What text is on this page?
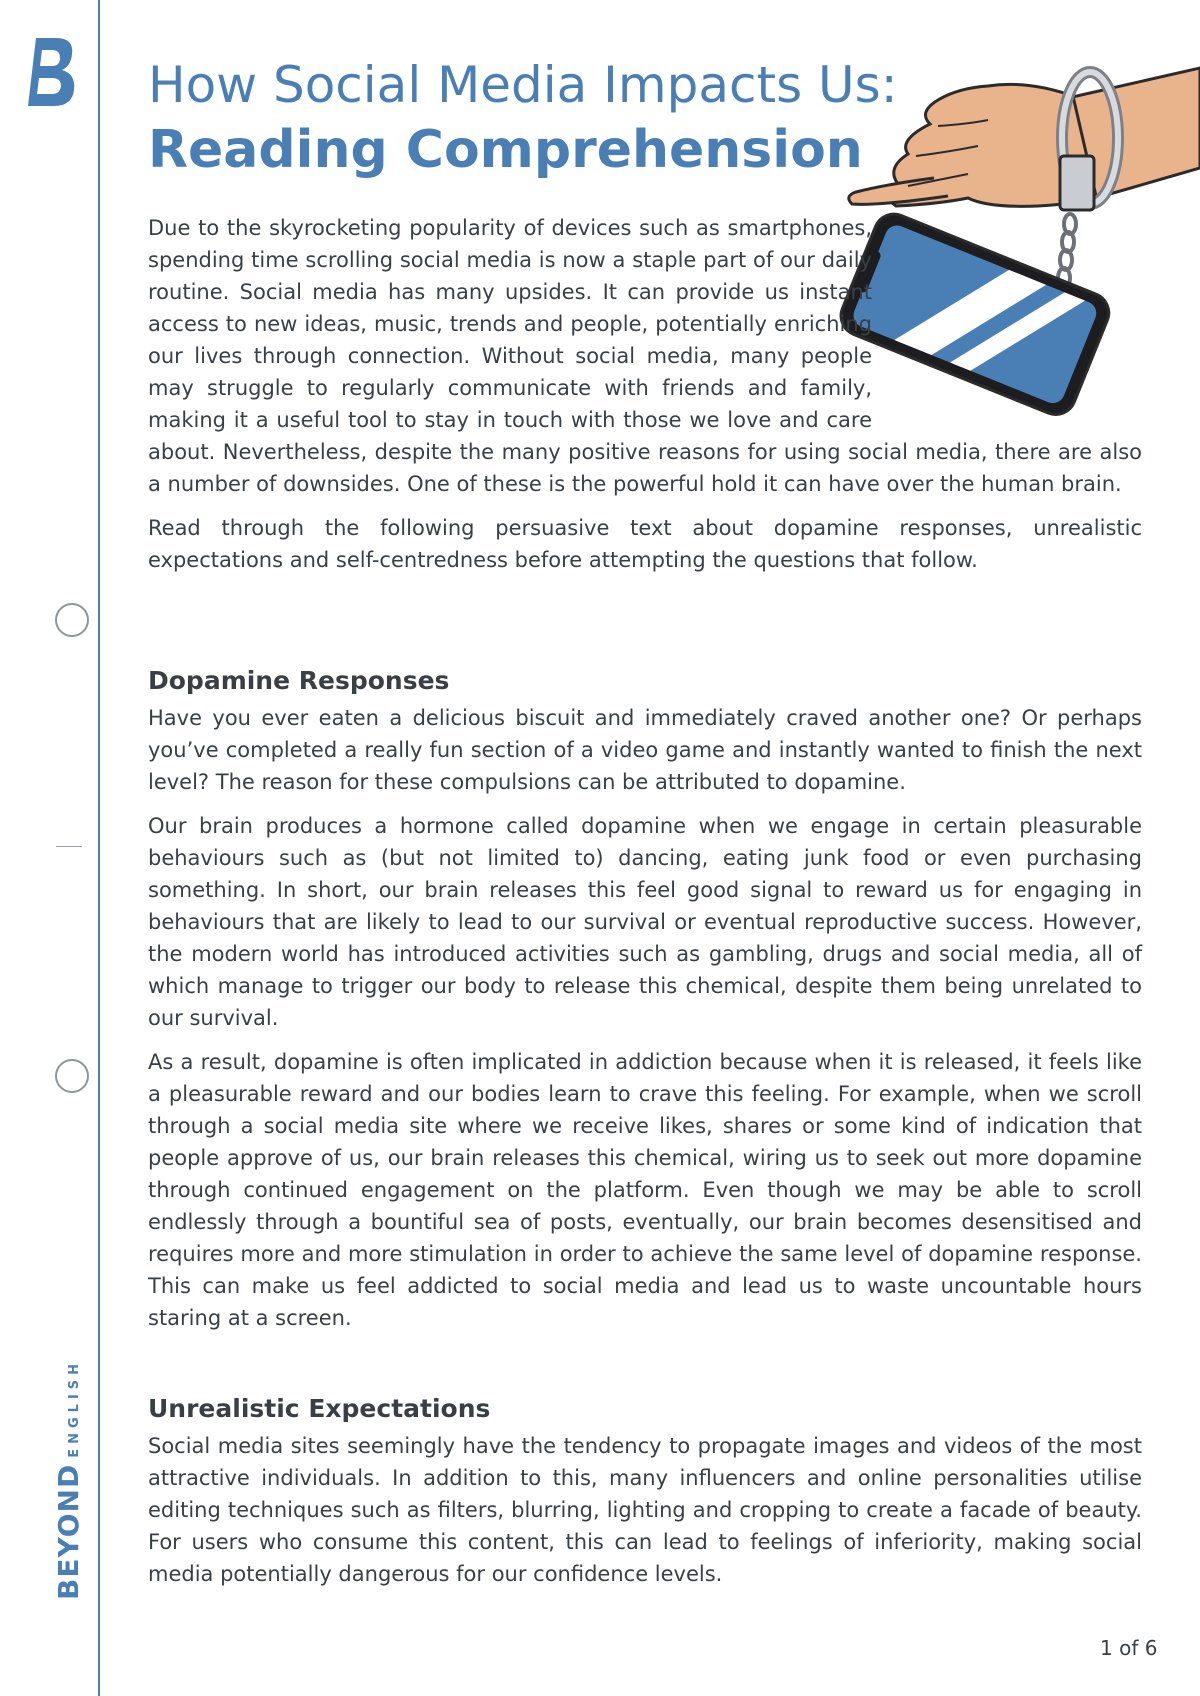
BEYONDENGLISH
How Social Media Impacts Us:
Reading Comprehension

Due to the skyrocketing popularity of devices such as smartphones, spending time scrolling social media is now a staple part of our daily routine. Social media has many upsides. It can provide us instant access to new ideas, music, trends and people, potentially enriching our lives through connection. Without social media, many people may struggle to regularly communicate with friends and family, making it a useful tool to stay in touch with those we love and care about. Nevertheless, despite the many positive reasons for using social media, there are also a number of downsides. One of these is the powerful hold it can have over the human brain.

Read through the following persuasive text about dopamine responses, unrealistic expectations and self-centredness before attempting the questions that follow.

Dopamine Responses

Have you ever eaten a delicious biscuit and immediately craved another one? Or perhaps you’ve completed a really fun section of a video game and instantly wanted to finish the next level? The reason for these compulsions can be attributed to dopamine.

Our brain produces a hormone called dopamine when we engage in certain pleasurable behaviours such as (but not limited to) dancing, eating junk food or even purchasing something. In short, our brain releases this feel good signal to reward us for engaging in behaviours that are likely to lead to our survival or eventual reproductive success. However, the modern world has introduced activities such as gambling, drugs and social media, all of which manage to trigger our body to release this chemical, despite them being unrelated to our survival.

As a result, dopamine is often implicated in addiction because when it is released, it feels like a pleasurable reward and our bodies learn to crave this feeling. For example, when we scroll through a social media site where we receive likes, shares or some kind of indication that people approve of us, our brain releases this chemical, wiring us to seek out more dopamine through continued engagement on the platform. Even though we may be able to scroll endlessly through a bountiful sea of posts, eventually, our brain becomes desensitised and requires more and more stimulation in order to achieve the same level of dopamine response. This can make us feel addicted to social media and lead us to waste uncountable hours staring at a screen.

Unrealistic Expectations

Social media sites seemingly have the tendency to propagate images and videos of the most attractive individuals. In addition to this, many influencers and online personalities utilise editing techniques such as filters, blurring, lighting and cropping to create a facade of beauty. For users who consume this content, this can lead to feelings of inferiority, making social media potentially dangerous for our confidence levels.

1 of 6
